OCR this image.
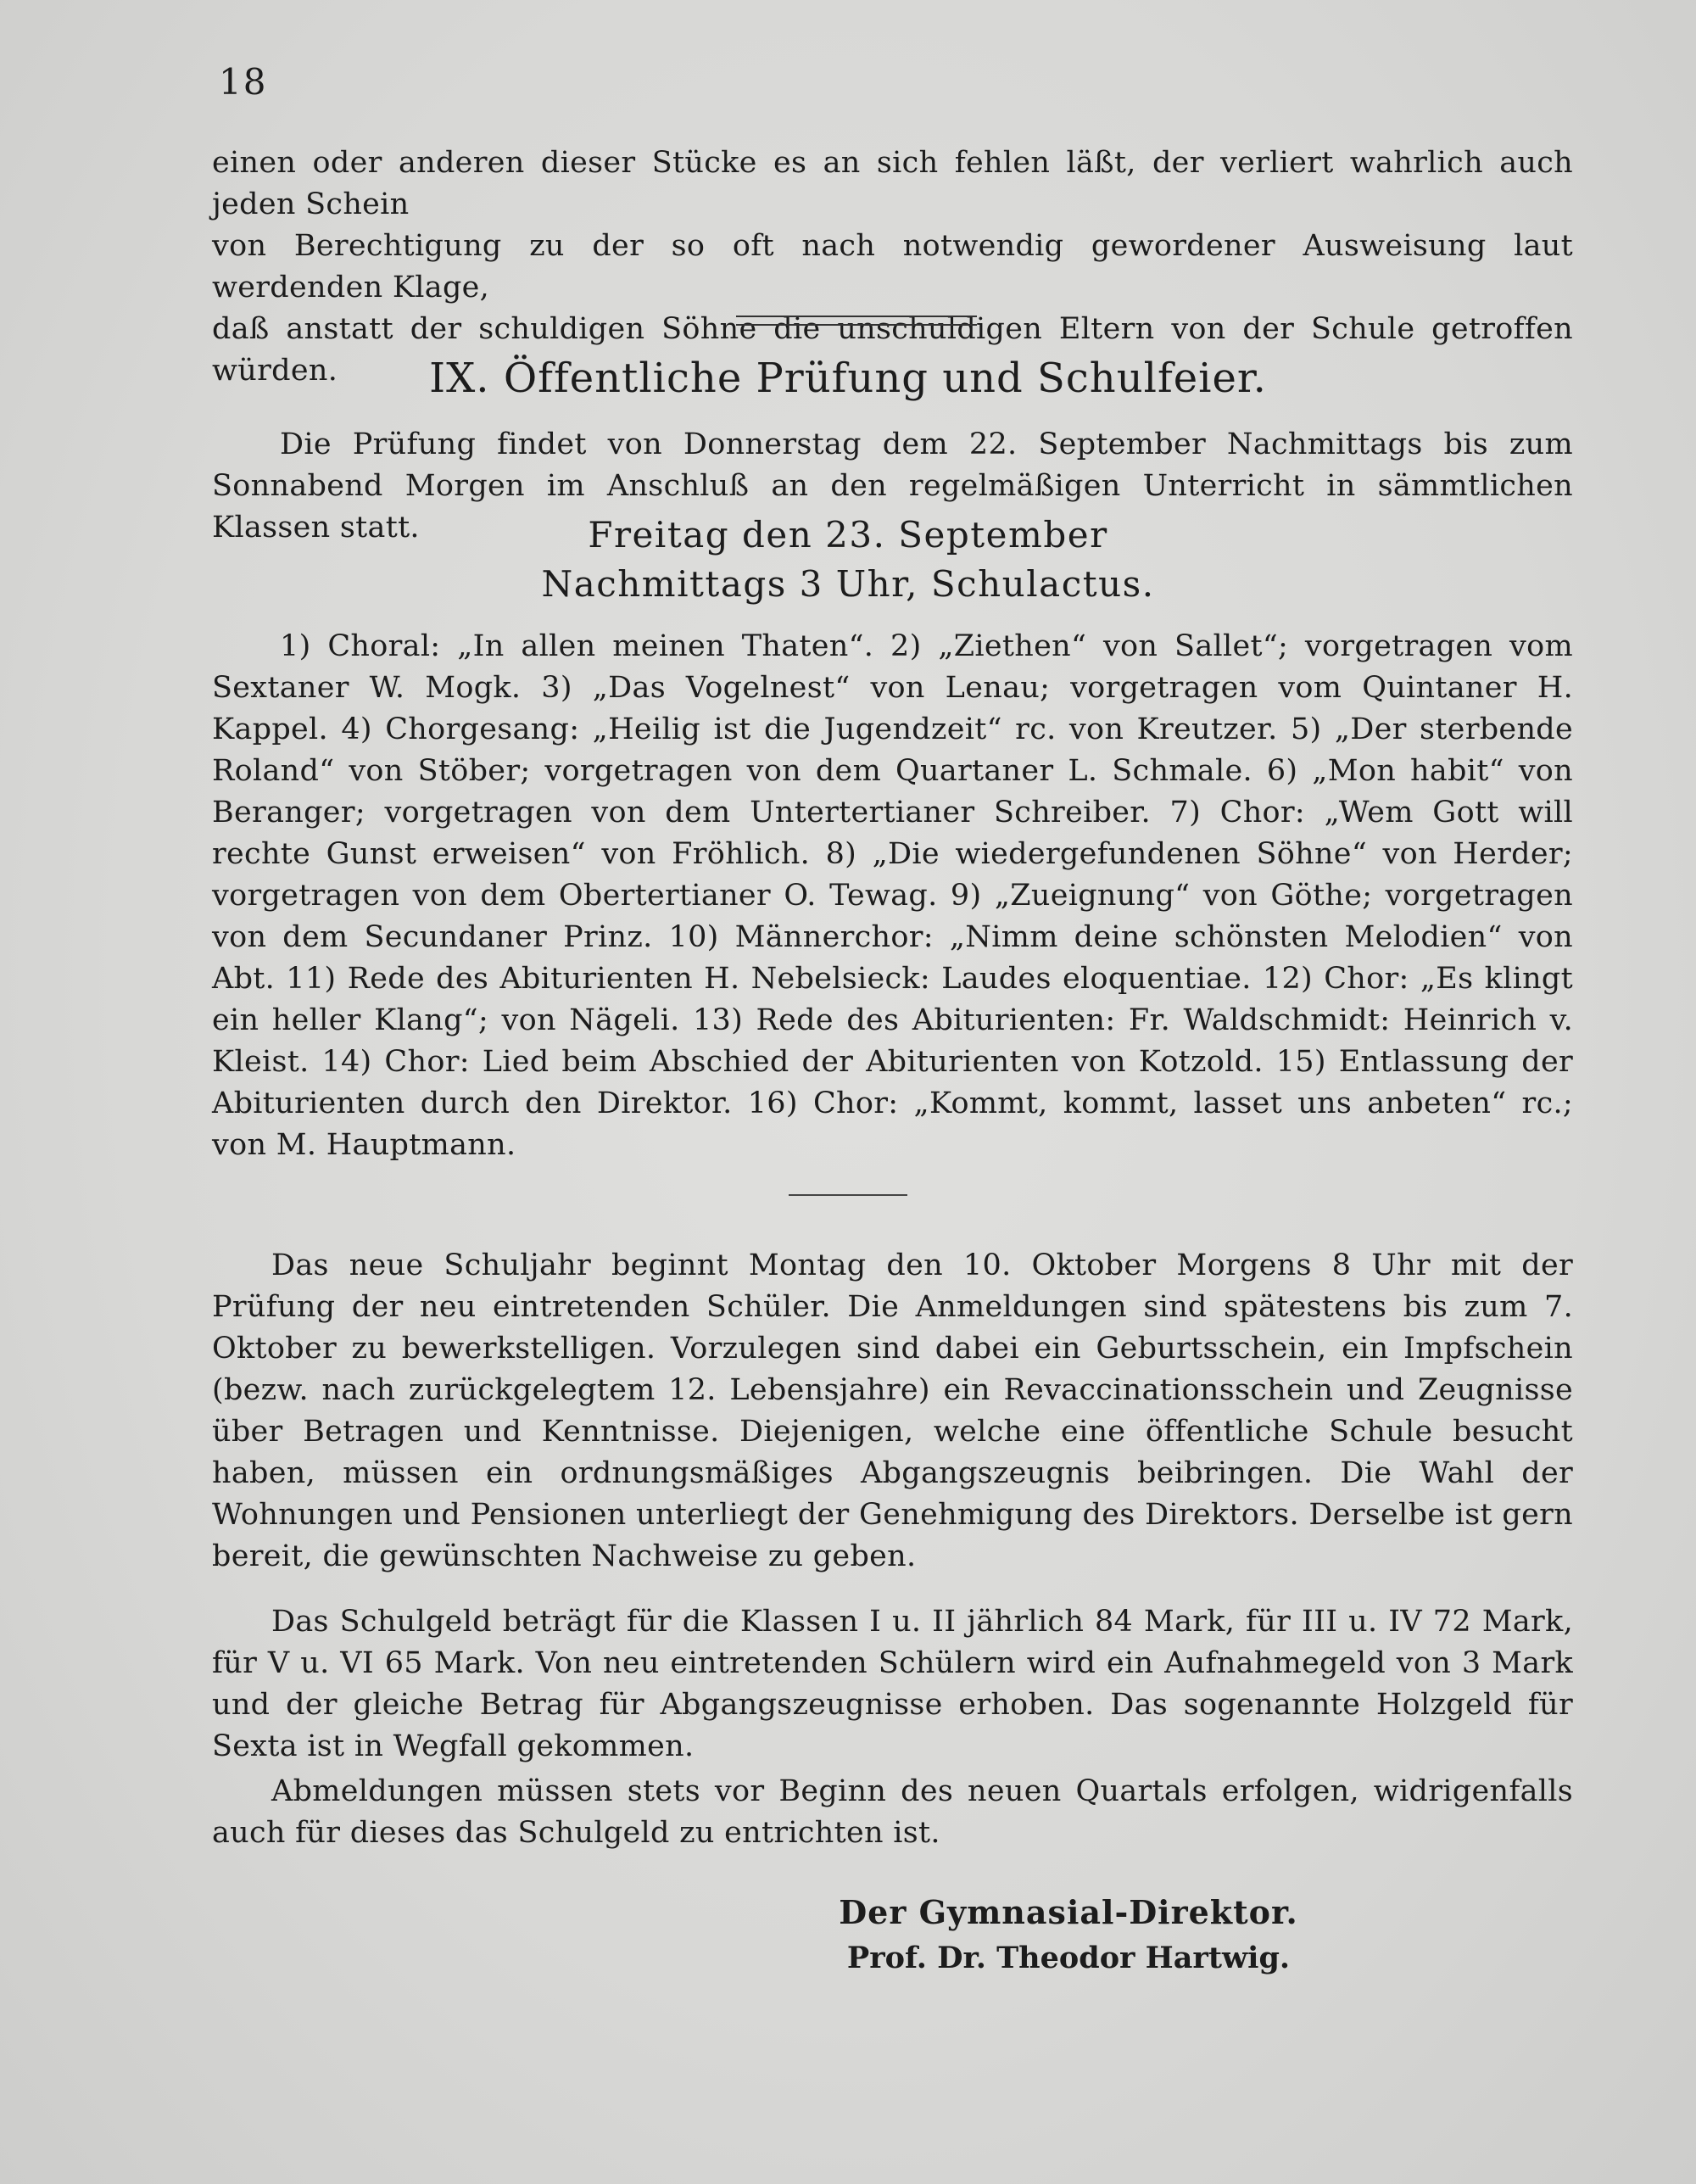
18
einen oder anderen dieser Stücke es an sich fehlen läßt, der verliert wahrlich auch jeden Schein
von Berechtigung zu der so oft nach notwendig gewordener Ausweisung laut werdenden Klage,
daß anstatt der schuldigen Söhne die unschuldigen Eltern von der Schule getroffen würden.	IX. Öffentliche Prüfung und Schulfeier.
Die Prüfung findet von Donnerstag dem 22. September Nachmittags bis zum Sonnabend Morgen im Anschluß an den regelmäßigen Unterricht in sämmtlichen Klassen statt.	Freitag den 23. September
Nachmittags 3 Uhr, Schulactus.
1) Choral: „In allen meinen Thaten“. 2) „Ziethen“ von Sallet“; vorgetragen vom Sextaner W. Mogk. 3) „Das Vogelnest“ von Lenau; vorgetragen vom Quintaner H. Kappel. 4) Chorgesang: „Heilig ist die Jugendzeit“ rc. von Kreutzer. 5) „Der sterbende Roland“ von Stöber; vorgetragen von dem Quartaner L. Schmale. 6) „Mon habit“ von Beranger; vorgetragen von dem Untertertianer Schreiber. 7) Chor: „Wem Gott will rechte Gunst erweisen“ von Fröhlich. 8) „Die wiedergefundenen Söhne“ von Herder; vorgetragen von dem Obertertianer O. Tewag. 9) „Zueignung“ von Göthe; vorgetragen von dem Secundaner Prinz. 10) Männerchor: „Nimm deine schönsten Melodien“ von Abt. 11) Rede des Abiturienten H. Nebelsieck: Laudes eloquentiae. 12) Chor: „Es klingt ein heller Klang“; von Nägeli. 13) Rede des Abiturienten: Fr. Waldschmidt: Heinrich v. Kleist. 14) Chor: Lied beim Abschied der Abiturienten von Kotzold. 15) Entlassung der Abiturienten durch den Direktor. 16) Chor: „Kommt, kommt, lasset uns anbeten“ rc.; von M. Hauptmann.
Das neue Schuljahr beginnt Montag den 10. Oktober Morgens 8 Uhr mit der Prüfung der neu eintretenden Schüler. Die Anmeldungen sind spätestens bis zum 7. Oktober zu bewerkstelligen. Vorzulegen sind dabei ein Geburtsschein, ein Impfschein (bezw. nach zurückgelegtem 12. Lebensjahre) ein Revaccinationsschein und Zeugnisse über Betragen und Kenntnisse. Diejenigen, welche eine öffentliche Schule besucht haben, müssen ein ordnungsmäßiges Abgangszeugnis beibringen. Die Wahl der Wohnungen und Pensionen unterliegt der Genehmigung des Direktors. Derselbe ist gern bereit, die gewünschten Nachweise zu geben.
Das Schulgeld beträgt für die Klassen I u. II jährlich 84 Mark, für III u. IV 72 Mark, für V u. VI 65 Mark. Von neu eintretenden Schülern wird ein Aufnahmegeld von 3 Mark und der gleiche Betrag für Abgangszeugnisse erhoben. Das sogenannte Holzgeld für Sexta ist in Wegfall gekommen.
Abmeldungen müssen stets vor Beginn des neuen Quartals erfolgen, widrigenfalls auch für dieses das Schulgeld zu entrichten ist.
Der Gymnasial-Direktor.
Prof. Dr. Theodor Hartwig.
